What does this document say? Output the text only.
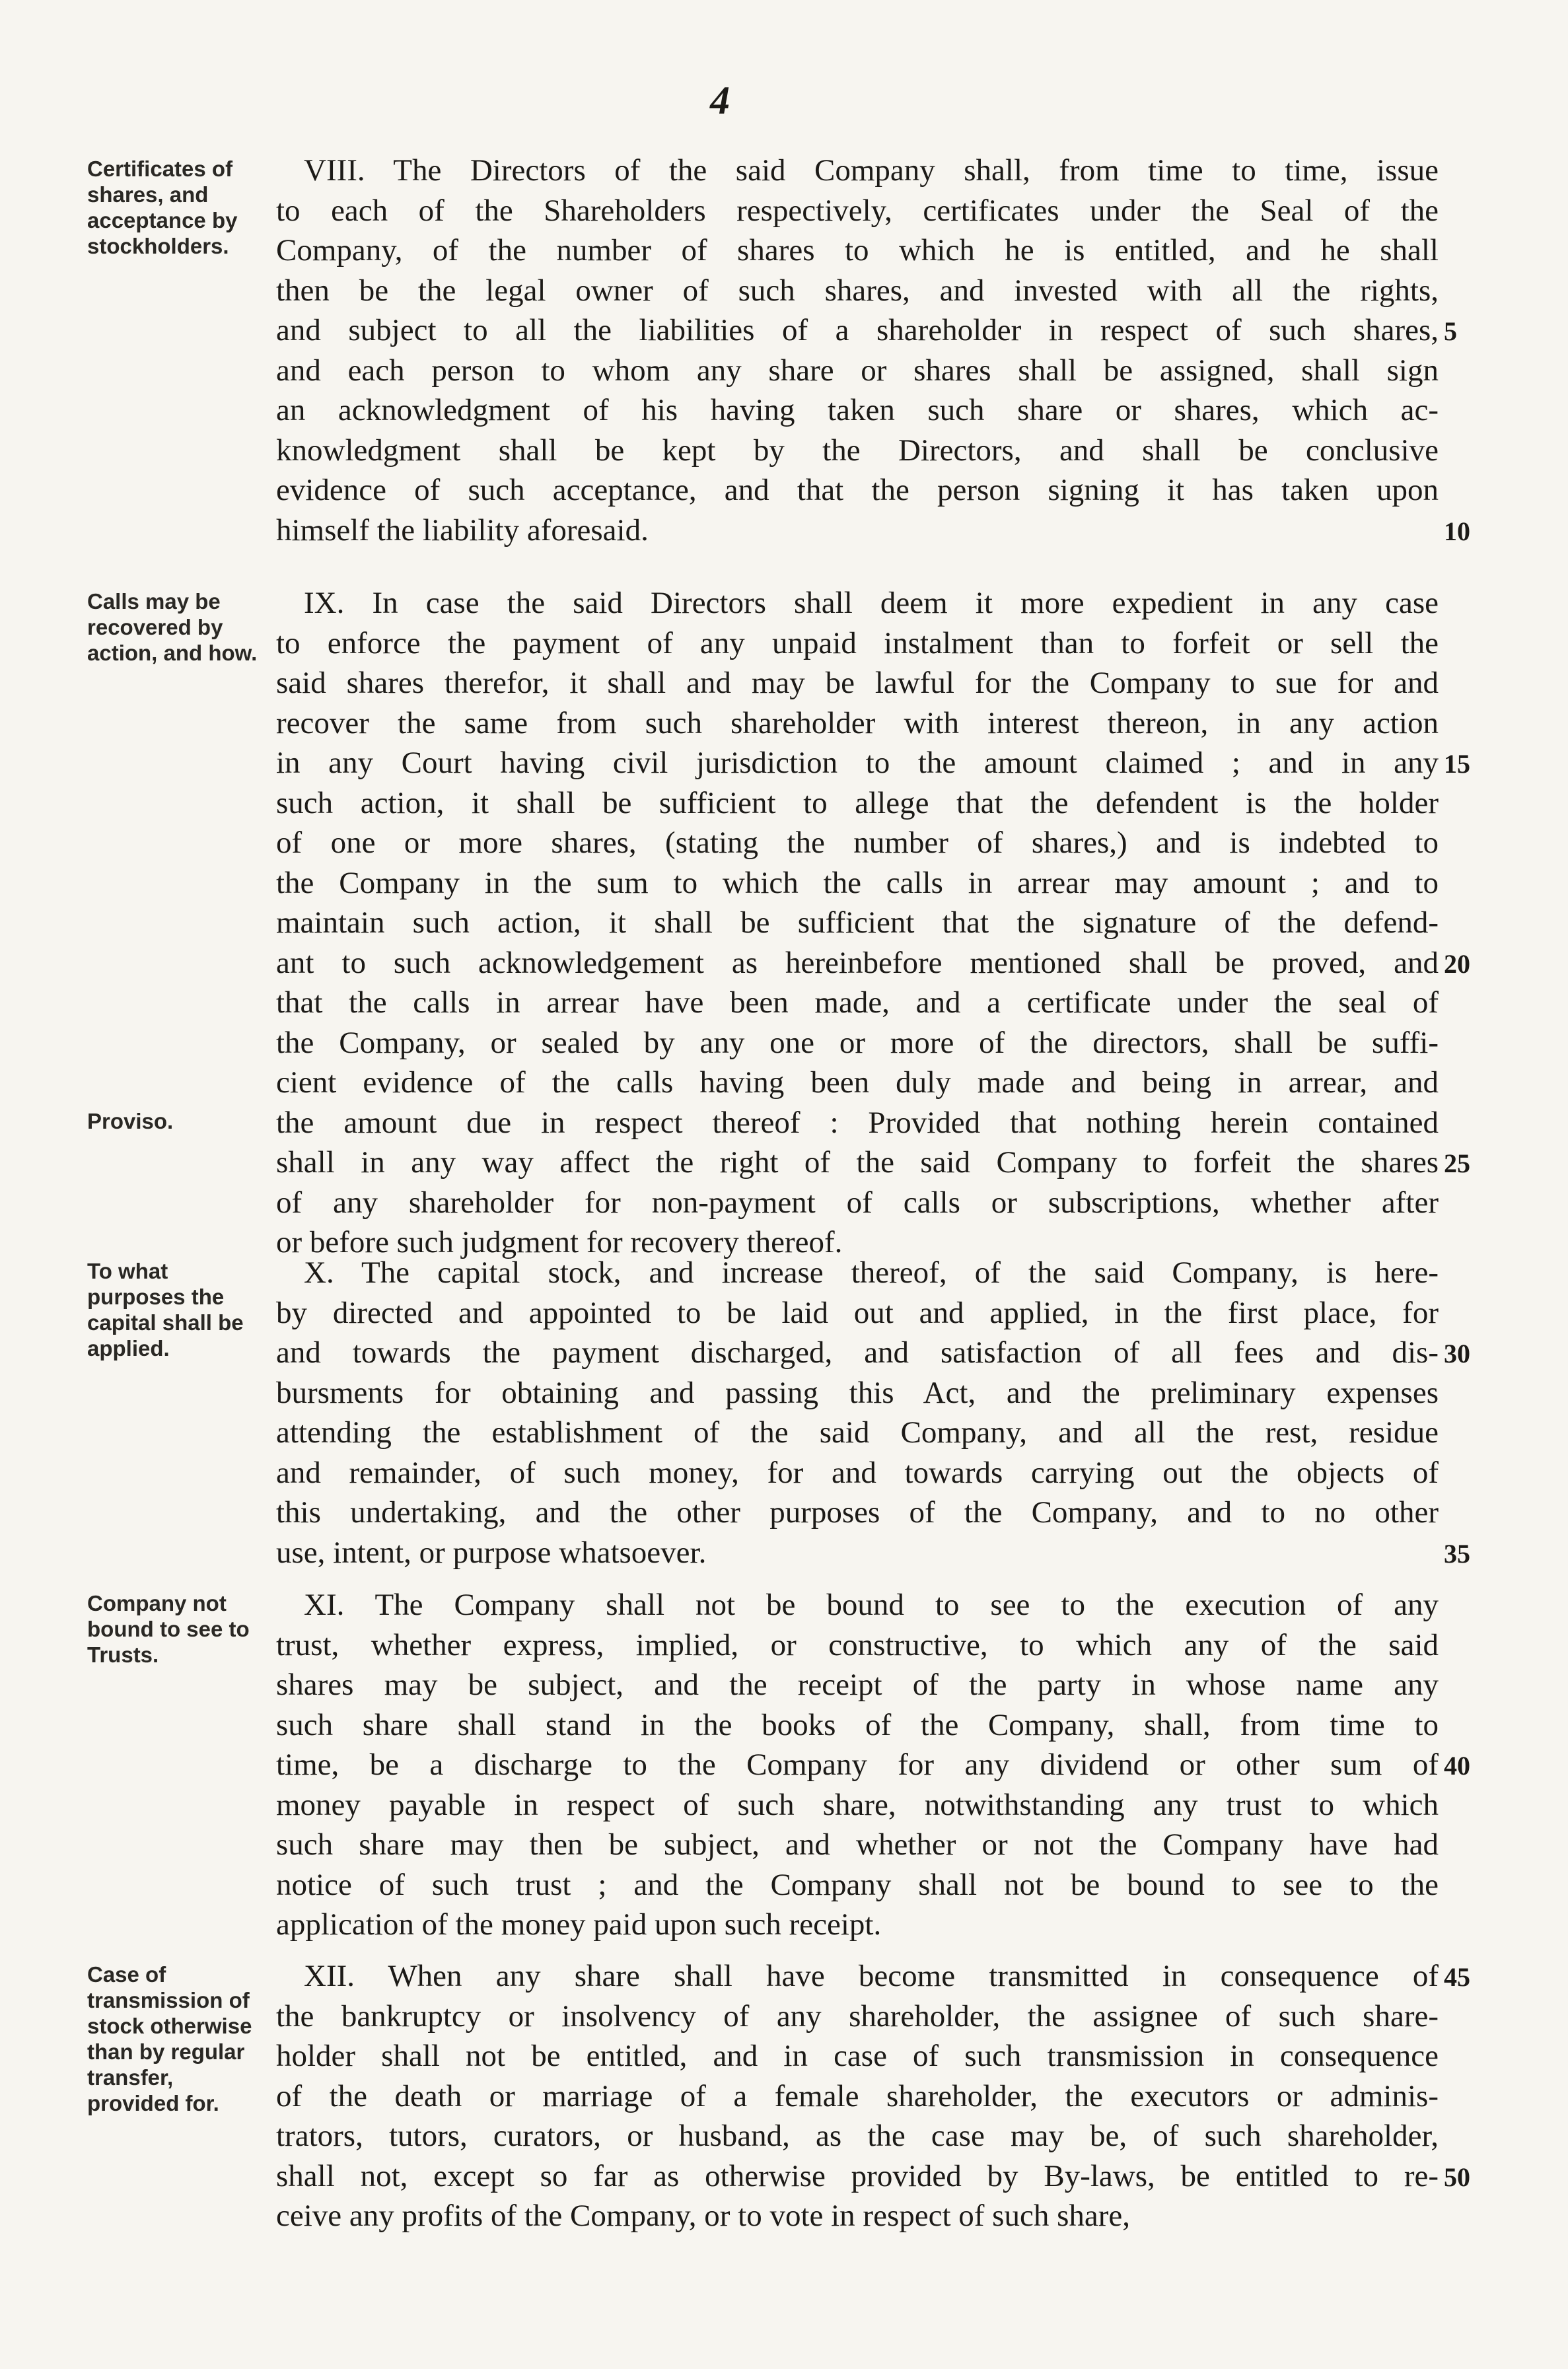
4
Certificates of shares, and acceptance by stockholders.
VIII. The Directors of the said Company shall, from time to time, issue
to each of the Shareholders respectively, certificates under the Seal of the
Company, of the number of shares to which he is entitled, and he shall
then be the legal owner of such shares, and invested with all the rights,
and subject to all the liabilities of a shareholder in respect of such shares,
and each person to whom any share or shares shall be assigned, shall sign
an acknowledgment of his having taken such share or shares, which ac-
knowledgment shall be kept by the Directors, and shall be conclusive
evidence of such acceptance, and that the person signing it has taken upon
himself the liability aforesaid.
5
10
Calls may be recovered by action, and how.
Proviso.
IX. In case the said Directors shall deem it more expedient in any case
to enforce the payment of any unpaid instalment than to forfeit or sell the
said shares therefor, it shall and may be lawful for the Company to sue for and
recover the same from such shareholder with interest thereon, in any action
in any Court having civil jurisdiction to the amount claimed ; and in any
such action, it shall be sufficient to allege that the defendent is the holder
of one or more shares, (stating the number of shares,) and is indebted to
the Company in the sum to which the calls in arrear may amount ; and to
maintain such action, it shall be sufficient that the signature of the defend-
ant to such acknowledgement as hereinbefore mentioned shall be proved, and
that the calls in arrear have been made, and a certificate under the seal of
the Company, or sealed by any one or more of the directors, shall be suffi-
cient evidence of the calls having been duly made and being in arrear, and
the amount due in respect thereof : Provided that nothing herein contained
shall in any way affect the right of the said Company to forfeit the shares
of any shareholder for non-payment of calls or subscriptions, whether after
or before such judgment for recovery thereof.
15
20
25
To what purposes the capital shall be applied.
X. The capital stock, and increase thereof, of the said Company, is here-
by directed and appointed to be laid out and applied, in the first place, for
and towards the payment discharged, and satisfaction of all fees and dis-
bursments for obtaining and passing this Act, and the preliminary expenses
attending the establishment of the said Company, and all the rest, residue
and remainder, of such money, for and towards carrying out the objects of
this undertaking, and the other purposes of the Company, and to no other
use, intent, or purpose whatsoever.
30
35
Company not bound to see to Trusts.
XI. The Company shall not be bound to see to the execution of any
trust, whether express, implied, or constructive, to which any of the said
shares may be subject, and the receipt of the party in whose name any
such share shall stand in the books of the Company, shall, from time to
time, be a discharge to the Company for any dividend or other sum of
money payable in respect of such share, notwithstanding any trust to which
such share may then be subject, and whether or not the Company have had
notice of such trust ; and the Company shall not be bound to see to the
application of the money paid upon such receipt.
40
Case of transmission of stock otherwise than by regular transfer, provided for.
XII. When any share shall have become transmitted in consequence of
the bankruptcy or insolvency of any shareholder, the assignee of such share-
holder shall not be entitled, and in case of such transmission in consequence
of the death or marriage of a female shareholder, the executors or adminis-
trators, tutors, curators, or husband, as the case may be, of such shareholder,
shall not, except so far as otherwise provided by By-laws, be entitled to re-
ceive any profits of the Company, or to vote in respect of such share,
45
50
